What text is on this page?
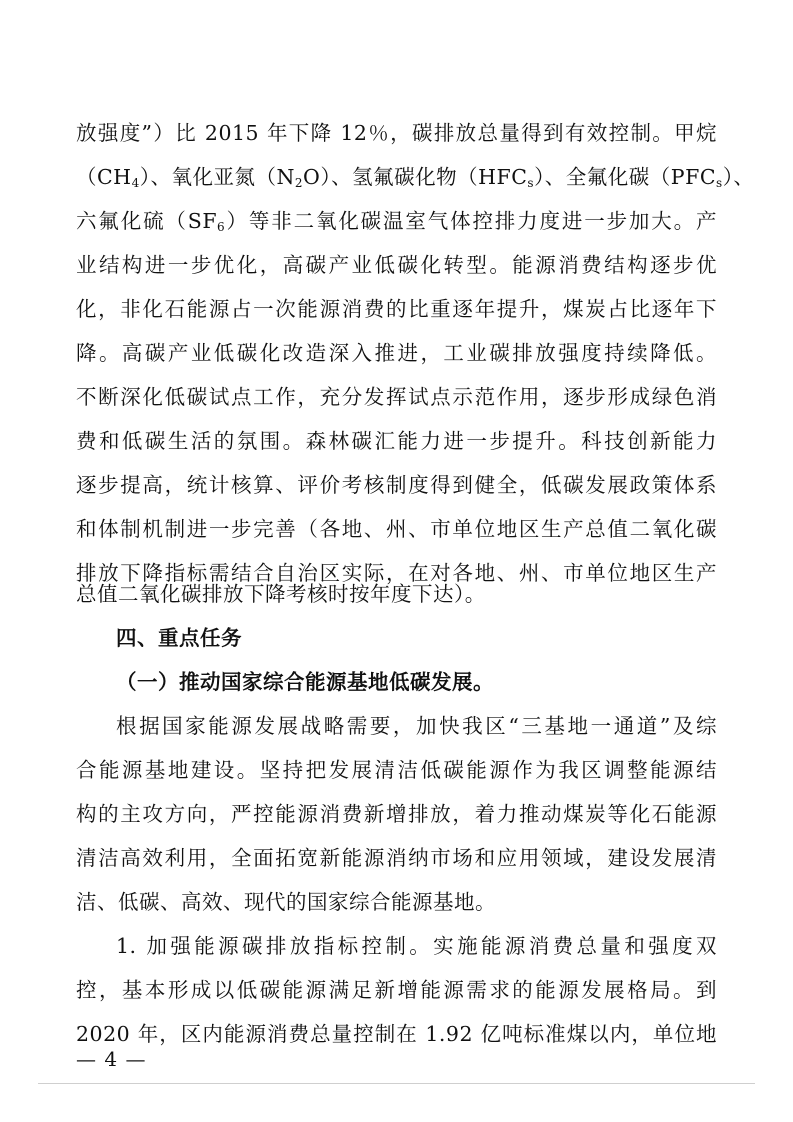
放强度”）比 2015 年下降 12％，碳排放总量得到有效控制。甲烷
$(CH_4)$、氧化亚氮$(N_2O)$、氢氟碳化物$(HFC_s)$、全氟化碳$(PFC_s)$、
六氟化硫$(SF_6)$等非二氧化碳温室气体控排力度进一步加大。产
业结构进一步优化，高碳产业低碳化转型。能源消费结构逐步优
化，非化石能源占一次能源消费的比重逐年提升，煤炭占比逐年下
降。高碳产业低碳化改造深入推进，工业碳排放强度持续降低。
不断深化低碳试点工作，充分发挥试点示范作用，逐步形成绿色消
费和低碳生活的氛围。森林碳汇能力进一步提升。科技创新能力
逐步提高，统计核算、评价考核制度得到健全，低碳发展政策体系
和体制机制进一步完善（各地、州、市单位地区生产总值二氧化碳
排放下降指标需结合自治区实际，在对各地、州、市单位地区生产
总值二氧化碳排放下降考核时按年度下达）。
四、重点任务
（一）推动国家综合能源基地低碳发展。
根据国家能源发展战略需要，加快我区“三基地一通道”及综
合能源基地建设。坚持把发展清洁低碳能源作为我区调整能源结
构的主攻方向，严控能源消费新增排放，着力推动煤炭等化石能源
清洁高效利用，全面拓宽新能源消纳市场和应用领域，建设发展清
洁、低碳、高效、现代的国家综合能源基地。
1. 加强能源碳排放指标控制。实施能源消费总量和强度双
控，基本形成以低碳能源满足新增能源需求的能源发展格局。到
2020 年，区内能源消费总量控制在 1.92 亿吨标准煤以内，单位地
— 4 —
